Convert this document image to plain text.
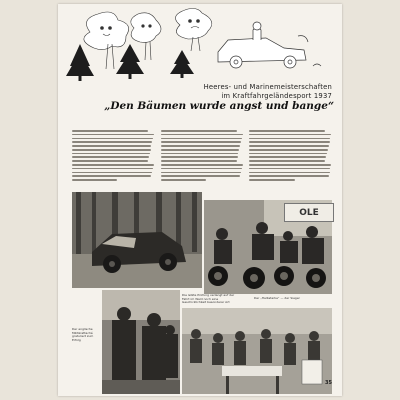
Heeres- und Marinemeisterschaften
im Kraftfahrgeländesport 1937
„Den Bäumen wurde angst und bange“
OLE
Der „Halbstarke“ — der Sieger
Der englische Militärattaché gratuliert zum Erfolg
Die letzte Prüfung verlangt auf der Fahrt im Wald noch eine Geschicklichkeit besonderer Art
35
